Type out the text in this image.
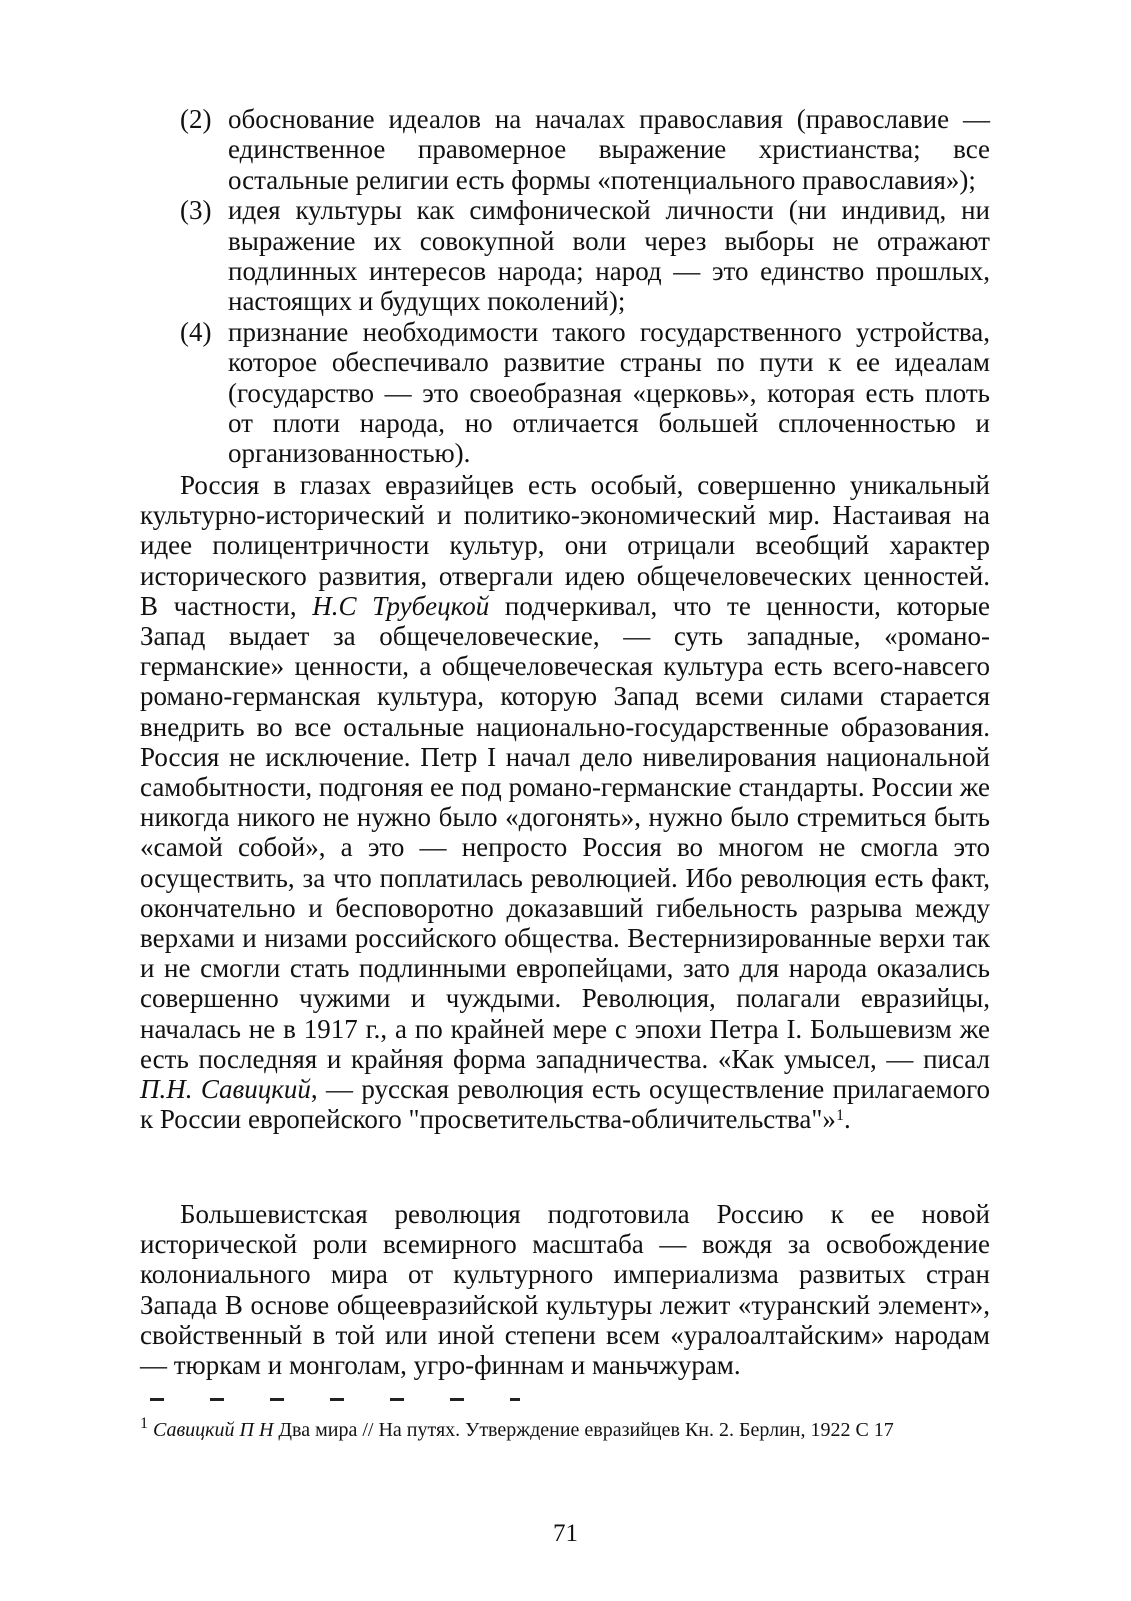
(2) обоснование идеалов на началах православия (православие — единственное правомерное выражение христианства; все остальные религии есть формы «потенциального православия»);
(3) идея культуры как симфонической личности (ни индивид, ни выражение их совокупной воли через выборы не отражают подлинных интересов народа; народ — это единство прошлых, настоящих и будущих поколений);
(4) признание необходимости такого государственного устройства, которое обеспечивало развитие страны по пути к ее идеалам (государство — это своеобразная «церковь», которая есть плоть от плоти народа, но отличается большей сплоченностью и организованностью).

Россия в глазах евразийцев есть особый, совершенно уникальный культурно-исторический и политико-экономический мир. Настаивая на идее полицентричности культур, они отрицали всеобщий характер исторического развития, отвергали идею общечеловеческих ценностей. В частности, Н.С Трубецкой подчеркивал, что те ценности, которые Запад выдает за общечеловеческие, — суть западные, «романо-германские» ценности, а общечеловеческая культура есть всего-навсего романо-германская культура, которую Запад всеми силами старается внедрить во все остальные национально-государственные образования. Россия не исключение. Петр I начал дело нивелирования национальной самобытности, подгоняя ее под романо-германские стандарты. России же никогда никого не нужно было «догонять», нужно было стремиться быть «самой собой», а это — непросто Россия во многом не смогла это осуществить, за что поплатилась революцией. Ибо революция есть факт, окончательно и бесповоротно доказавший гибельность разрыва между верхами и низами российского общества. Вестернизированные верхи так и не смогли стать подлинными европейцами, зато для народа оказались совершенно чужими и чуждыми. Революция, полагали евразийцы, началась не в 1917 г., а по крайней мере с эпохи Петра I. Большевизм же есть последняя и крайняя форма западничества. «Как умысел, — писал П.Н. Савицкий, — русская революция есть осуществление прилагаемого к России европейского "просветительства-обличительства"»$^1$.

Большевистская революция подготовила Россию к ее новой исторической роли всемирного масштаба — вождя за освобождение колониального мира от культурного империализма развитых стран Запада В основе общеевразийской культуры лежит «туранский элемент», свойственный в той или иной степени всем «уралоалтайским» народам — тюркам и монголам, угро-финнам и маньчжурам.

$^1$ Савицкий П Н Два мира // На путях. Утверждение евразийцев Кн. 2. Берлин, 1922 С 17
71
